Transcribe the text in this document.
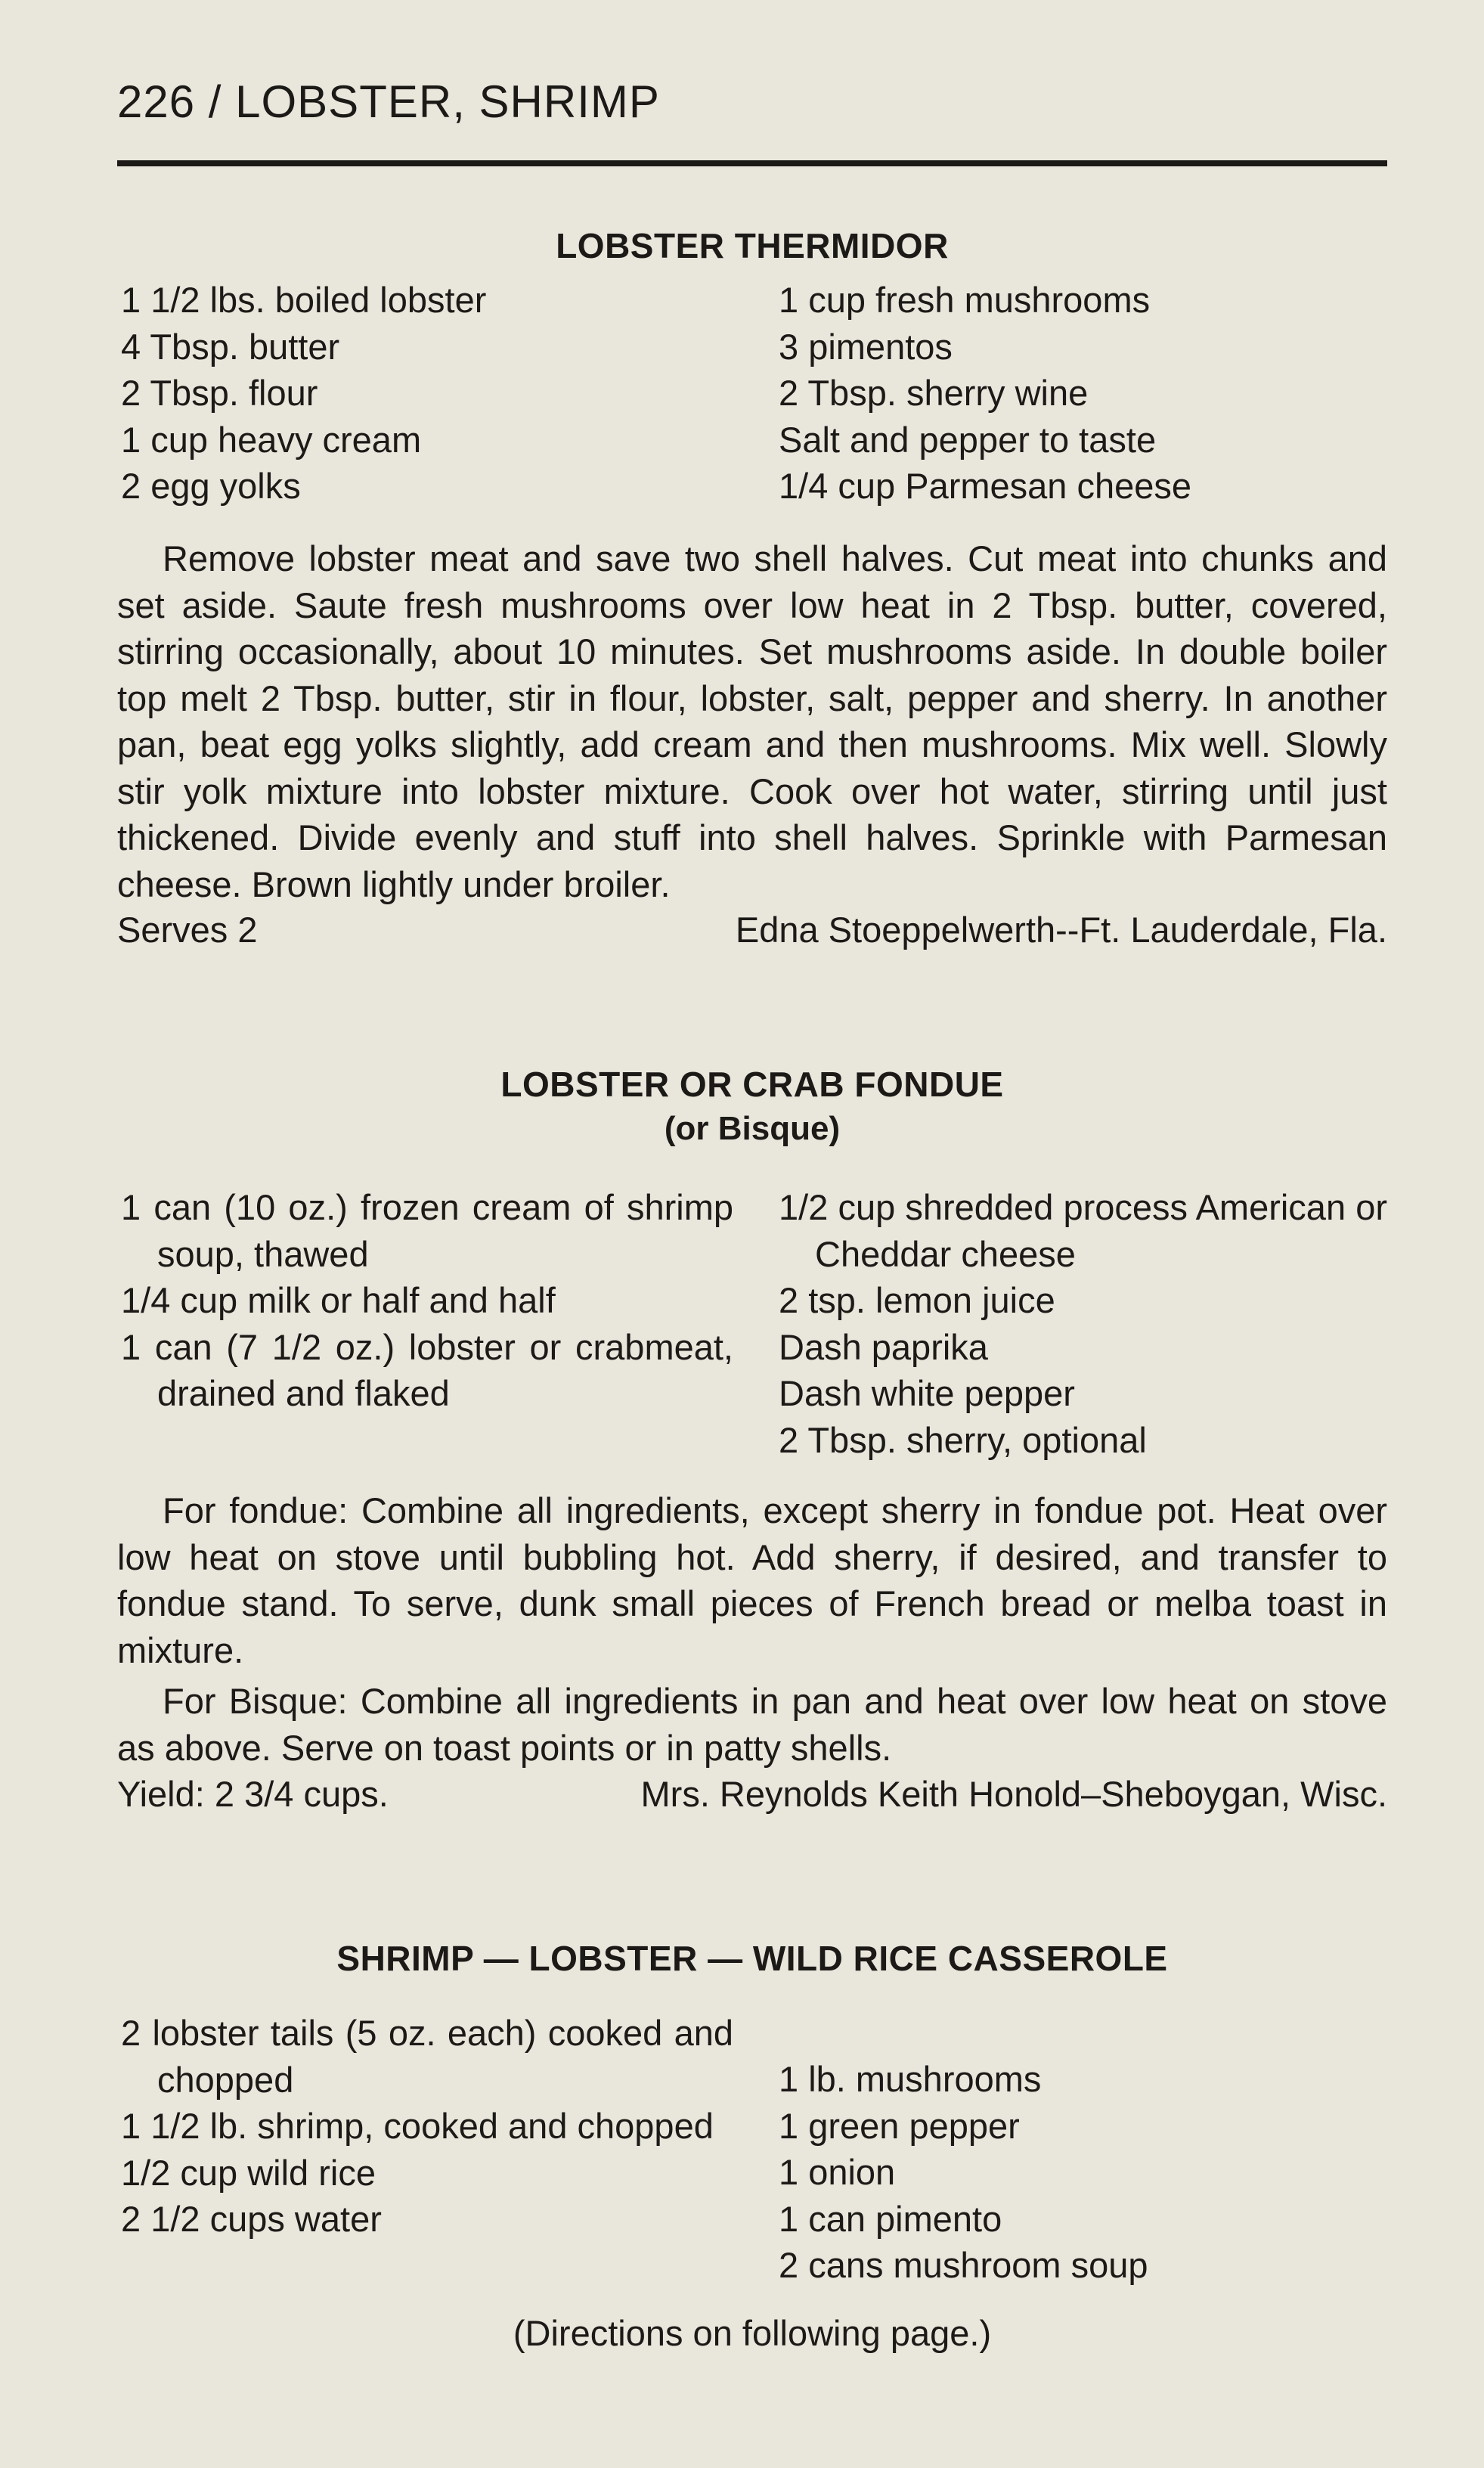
226 / LOBSTER, SHRIMP
LOBSTER THERMIDOR
1 1/2 lbs. boiled lobster
4 Tbsp. butter
2 Tbsp. flour
1 cup heavy cream
2 egg yolks
1 cup fresh mushrooms
3 pimentos
2 Tbsp. sherry wine
Salt and pepper to taste
1/4 cup Parmesan cheese

Remove lobster meat and save two shell halves. Cut meat into chunks and set aside. Saute fresh mushrooms over low heat in 2 Tbsp. butter, covered, stirring occasionally, about 10 minutes. Set mushrooms aside. In double boiler top melt 2 Tbsp. butter, stir in flour, lobster, salt, pepper and sherry. In another pan, beat egg yolks slightly, add cream and then mushrooms. Mix well. Slowly stir yolk mixture into lobster mixture. Cook over hot water, stirring until just thickened. Divide evenly and stuff into shell halves. Sprinkle with Parmesan cheese. Brown lightly under broiler.

Serves 2	Edna Stoeppelwerth--Ft. Lauderdale, Fla.
LOBSTER OR CRAB FONDUE
(or Bisque)
1 can (10 oz.) frozen cream of shrimp soup, thawed
1/4 cup milk or half and half
1 can (7 1/2 oz.) lobster or crabmeat, drained and flaked
1/2 cup shredded process American or Cheddar cheese
2 tsp. lemon juice
Dash paprika
Dash white pepper
2 Tbsp. sherry, optional

For fondue: Combine all ingredients, except sherry in fondue pot. Heat over low heat on stove until bubbling hot. Add sherry, if desired, and transfer to fondue stand. To serve, dunk small pieces of French bread or melba toast in mixture.

For Bisque: Combine all ingredients in pan and heat over low heat on stove as above. Serve on toast points or in patty shells.

Yield: 2 3/4 cups.	Mrs. Reynolds Keith Honold–Sheboygan, Wisc.
SHRIMP — LOBSTER — WILD RICE CASSEROLE
2 lobster tails (5 oz. each) cooked and chopped
1 1/2 lb. shrimp, cooked and chopped
1/2 cup wild rice
2 1/2 cups water
1 lb. mushrooms
1 green pepper
1 onion
1 can pimento
2 cans mushroom soup

(Directions on following page.)
